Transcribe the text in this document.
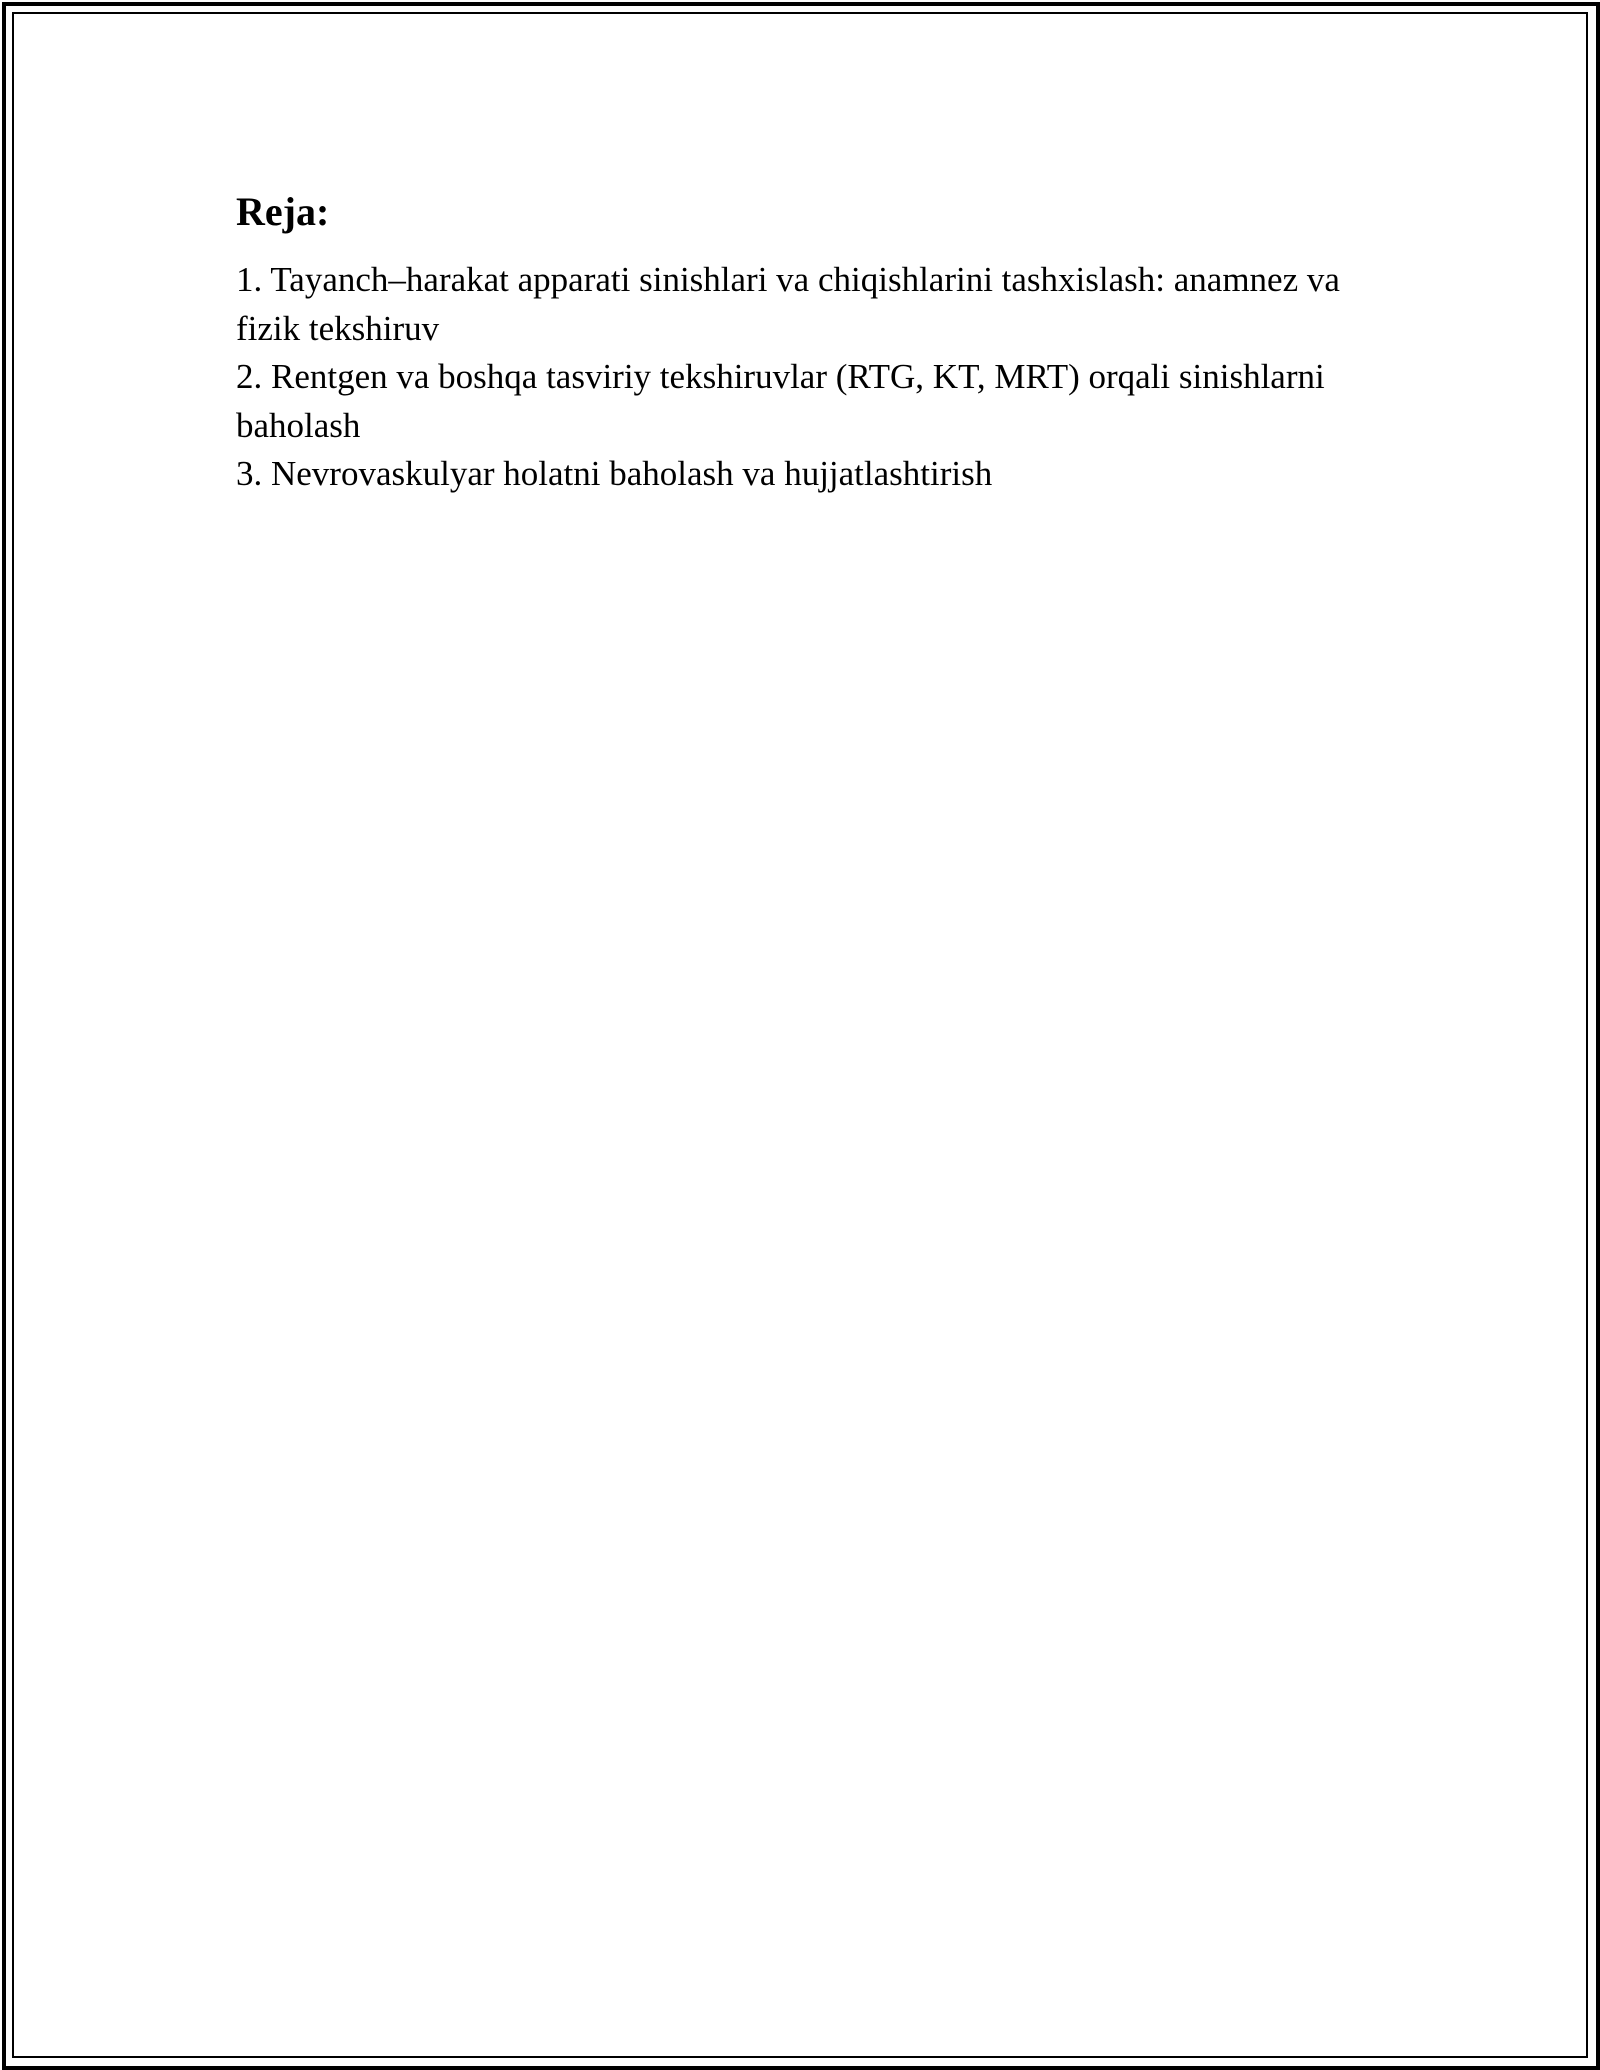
Reja:
1. Tayanch–harakat apparati sinishlari va chiqishlarini tashxislash: anamnez va fizik tekshiruv
2. Rentgen va boshqa tasviriy tekshiruvlar (RTG, KT, MRT) orqali sinishlarni baholash
3. Nevrovaskulyar holatni baholash va hujjatlashtirish
